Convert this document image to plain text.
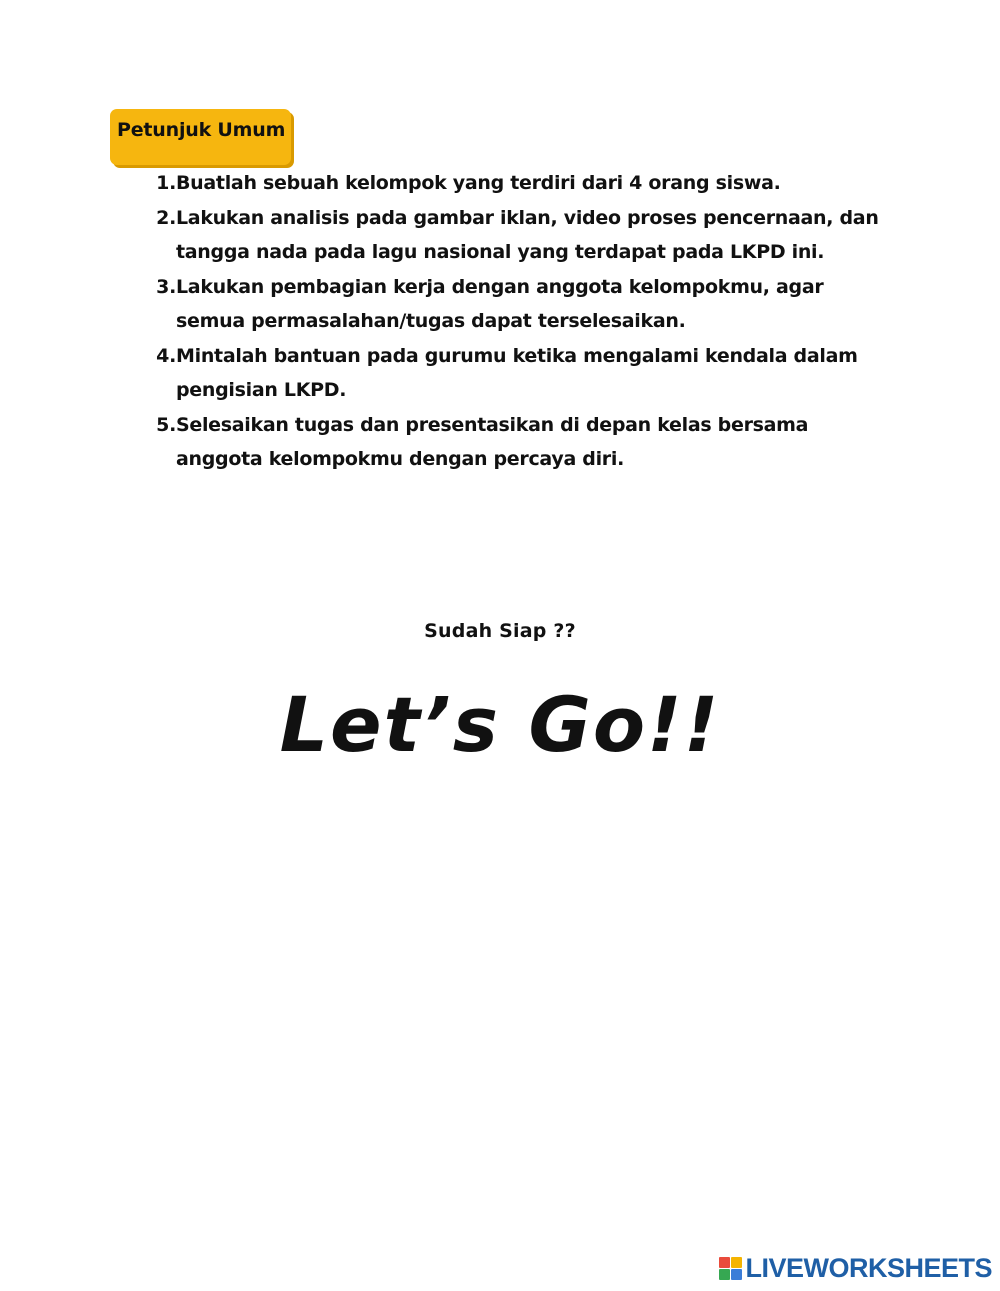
Petunjuk Umum
1. Buatlah sebuah kelompok yang terdiri dari 4 orang siswa.
2. Lakukan analisis pada gambar iklan, video proses pencernaan, dan tangga nada pada lagu nasional yang terdapat pada LKPD ini.
3. Lakukan pembagian kerja dengan anggota kelompokmu, agar semua permasalahan/tugas dapat terselesaikan.
4. Mintalah bantuan pada gurumu ketika mengalami kendala dalam pengisian LKPD.
5. Selesaikan tugas dan presentasikan di depan kelas bersama anggota kelompokmu dengan percaya diri.
Sudah Siap ??
Let’s Go!!
LIVEWORKSHEETS
